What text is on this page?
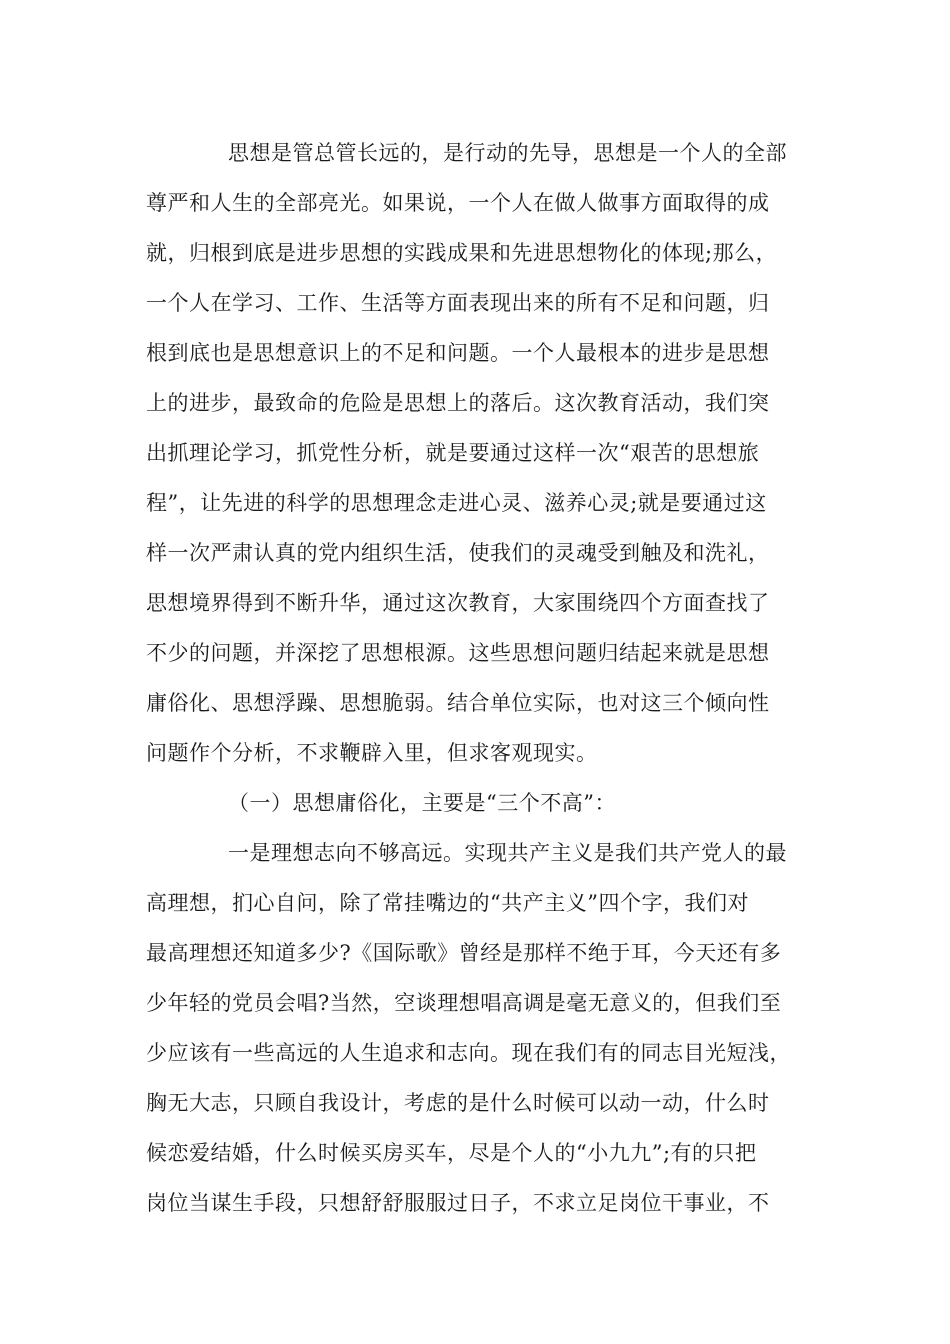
思想是管总管长远的，是行动的先导，思想是一个人的全部
尊严和人生的全部亮光。如果说，一个人在做人做事方面取得的成
就，归根到底是进步思想的实践成果和先进思想物化的体现;那么，
一个人在学习、工作、生活等方面表现出来的所有不足和问题，归
根到底也是思想意识上的不足和问题。一个人最根本的进步是思想
上的进步，最致命的危险是思想上的落后。这次教育活动，我们突
出抓理论学习，抓党性分析，就是要通过这样一次“艰苦的思想旅
程”，让先进的科学的思想理念走进心灵、滋养心灵;就是要通过这
样一次严肃认真的党内组织生活，使我们的灵魂受到触及和洗礼，
思想境界得到不断升华，通过这次教育，大家围绕四个方面查找了
不少的问题，并深挖了思想根源。这些思想问题归结起来就是思想
庸俗化、思想浮躁、思想脆弱。结合单位实际，也对这三个倾向性
问题作个分析，不求鞭辟入里，但求客观现实。
（一）思想庸俗化，主要是“三个不高”：
一是理想志向不够高远。实现共产主义是我们共产党人的最
高理想，扪心自问，除了常挂嘴边的“共产主义”四个字，我们对
最高理想还知道多少?《国际歌》曾经是那样不绝于耳，今天还有多
少年轻的党员会唱?当然，空谈理想唱高调是毫无意义的，但我们至
少应该有一些高远的人生追求和志向。现在我们有的同志目光短浅，
胸无大志，只顾自我设计，考虑的是什么时候可以动一动，什么时
候恋爱结婚，什么时候买房买车，尽是个人的“小九九”;有的只把
岗位当谋生手段，只想舒舒服服过日子，不求立足岗位干事业，不
